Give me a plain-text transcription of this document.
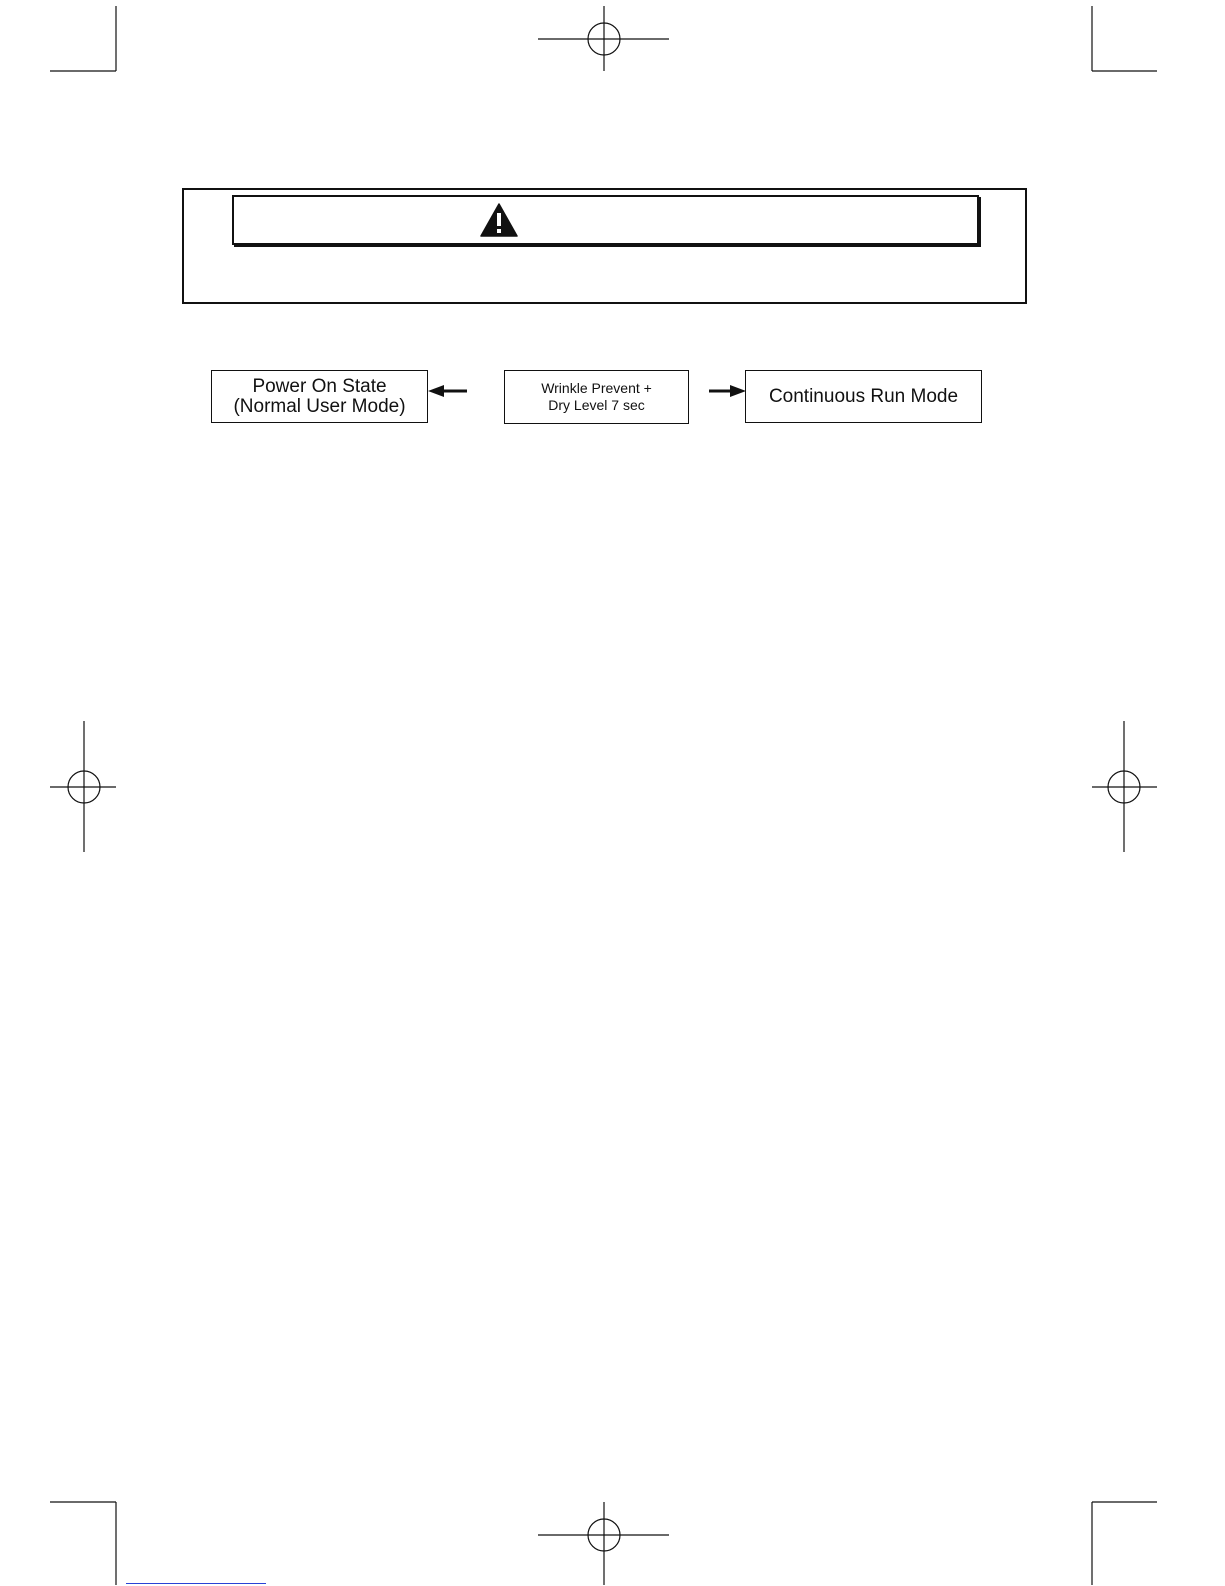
Power On State
(Normal User Mode)
Wrinkle Prevent +
Dry Level 7 sec	Continuous Run Mode
